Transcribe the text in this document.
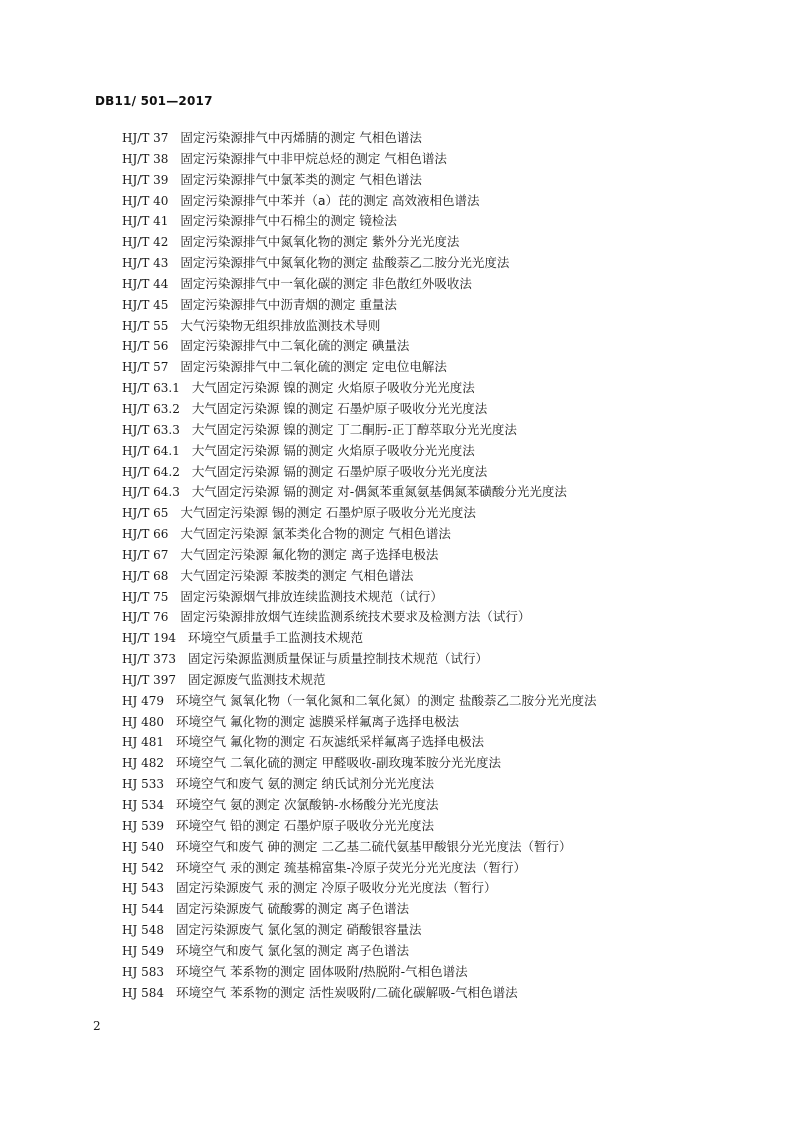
DB11/ 501—2017
HJ/T 37 固定污染源排气中丙烯腈的测定 气相色谱法
HJ/T 38 固定污染源排气中非甲烷总烃的测定 气相色谱法
HJ/T 39 固定污染源排气中氯苯类的测定 气相色谱法
HJ/T 40 固定污染源排气中苯并（a）芘的测定 高效液相色谱法
HJ/T 41 固定污染源排气中石棉尘的测定 镜检法
HJ/T 42 固定污染源排气中氮氧化物的测定 紫外分光光度法
HJ/T 43 固定污染源排气中氮氧化物的测定 盐酸萘乙二胺分光光度法
HJ/T 44 固定污染源排气中一氧化碳的测定 非色散红外吸收法
HJ/T 45 固定污染源排气中沥青烟的测定 重量法
HJ/T 55 大气污染物无组织排放监测技术导则
HJ/T 56 固定污染源排气中二氧化硫的测定 碘量法
HJ/T 57 固定污染源排气中二氧化硫的测定 定电位电解法
HJ/T 63.1 大气固定污染源 镍的测定 火焰原子吸收分光光度法
HJ/T 63.2 大气固定污染源 镍的测定 石墨炉原子吸收分光光度法
HJ/T 63.3 大气固定污染源 镍的测定 丁二酮肟-正丁醇萃取分光光度法
HJ/T 64.1 大气固定污染源 镉的测定 火焰原子吸收分光光度法
HJ/T 64.2 大气固定污染源 镉的测定 石墨炉原子吸收分光光度法
HJ/T 64.3 大气固定污染源 镉的测定 对-偶氮苯重氮氨基偶氮苯磺酸分光光度法
HJ/T 65 大气固定污染源 锡的测定 石墨炉原子吸收分光光度法
HJ/T 66 大气固定污染源 氯苯类化合物的测定 气相色谱法
HJ/T 67 大气固定污染源 氟化物的测定 离子选择电极法
HJ/T 68 大气固定污染源 苯胺类的测定 气相色谱法
HJ/T 75 固定污染源烟气排放连续监测技术规范（试行）
HJ/T 76 固定污染源排放烟气连续监测系统技术要求及检测方法（试行）
HJ/T 194 环境空气质量手工监测技术规范
HJ/T 373 固定污染源监测质量保证与质量控制技术规范（试行）
HJ/T 397 固定源废气监测技术规范
HJ 479 环境空气 氮氧化物（一氧化氮和二氧化氮）的测定 盐酸萘乙二胺分光光度法
HJ 480 环境空气 氟化物的测定 滤膜采样氟离子选择电极法
HJ 481 环境空气 氟化物的测定 石灰滤纸采样氟离子选择电极法
HJ 482 环境空气 二氧化硫的测定 甲醛吸收-副玫瑰苯胺分光光度法
HJ 533 环境空气和废气 氨的测定 纳氏试剂分光光度法
HJ 534 环境空气 氨的测定 次氯酸钠-水杨酸分光光度法
HJ 539 环境空气 铅的测定 石墨炉原子吸收分光光度法
HJ 540 环境空气和废气 砷的测定 二乙基二硫代氨基甲酸银分光光度法（暂行）
HJ 542 环境空气 汞的测定 巯基棉富集-冷原子荧光分光光度法（暂行）
HJ 543 固定污染源废气 汞的测定 冷原子吸收分光光度法（暂行）
HJ 544 固定污染源废气 硫酸雾的测定 离子色谱法
HJ 548 固定污染源废气 氯化氢的测定 硝酸银容量法
HJ 549 环境空气和废气 氯化氢的测定 离子色谱法
HJ 583 环境空气 苯系物的测定 固体吸附/热脱附-气相色谱法
HJ 584 环境空气 苯系物的测定 活性炭吸附/二硫化碳解吸-气相色谱法
2
